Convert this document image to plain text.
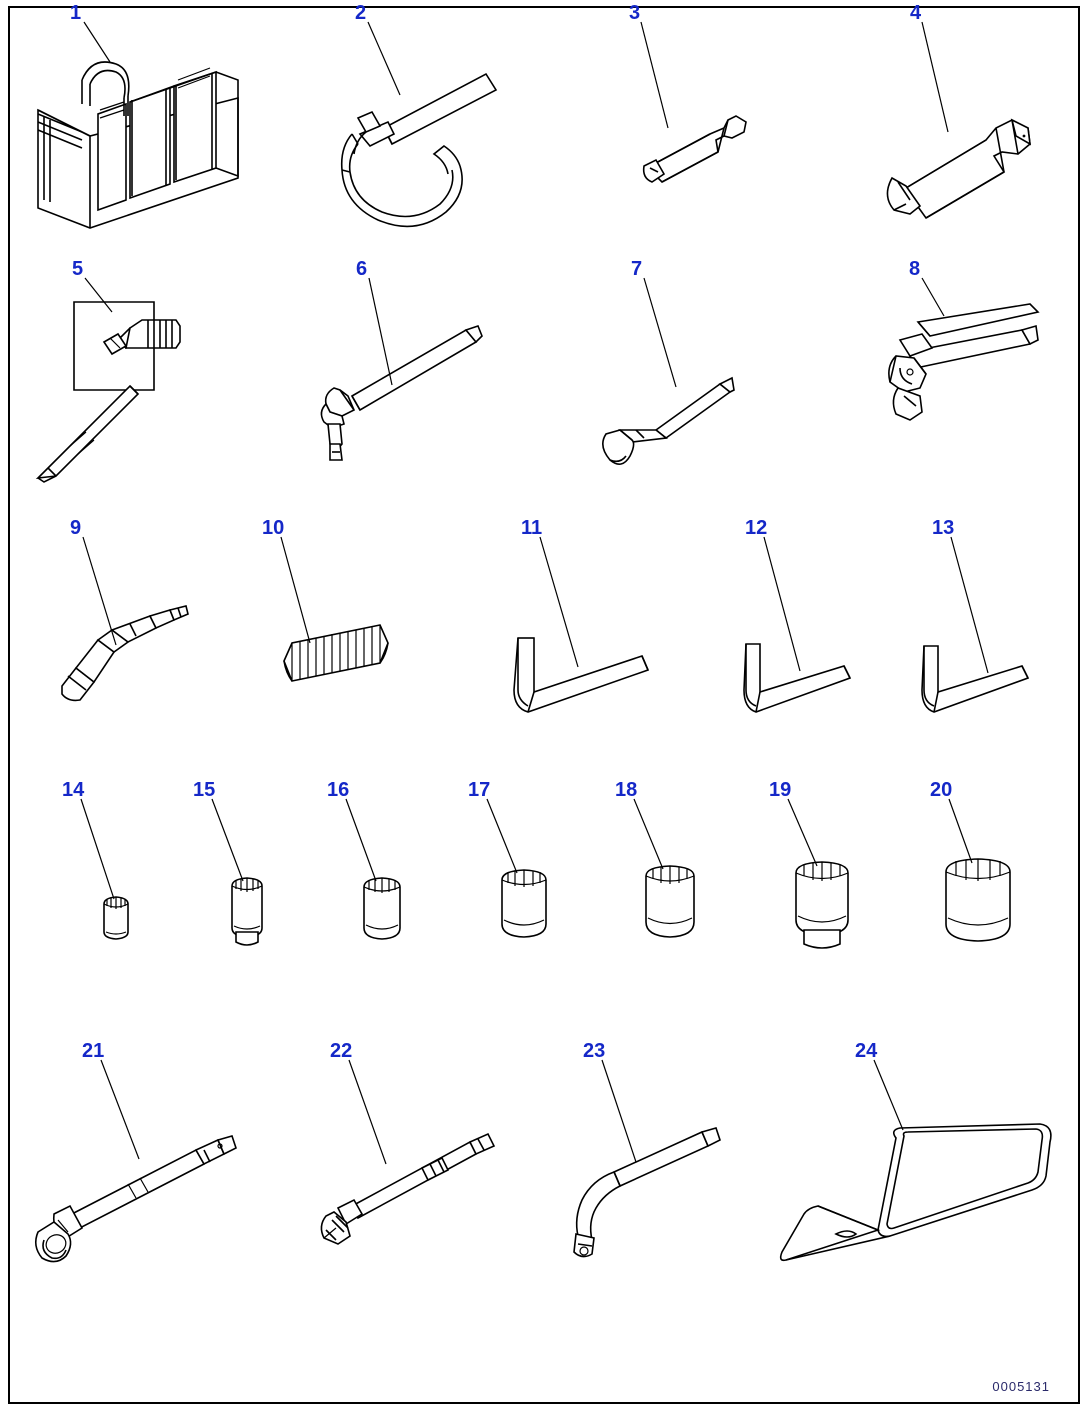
1	2	3	4
5	6	7	8
9	10	11	12	13
14	15	16	17	18	19	20
21	22	23	24
0005131
